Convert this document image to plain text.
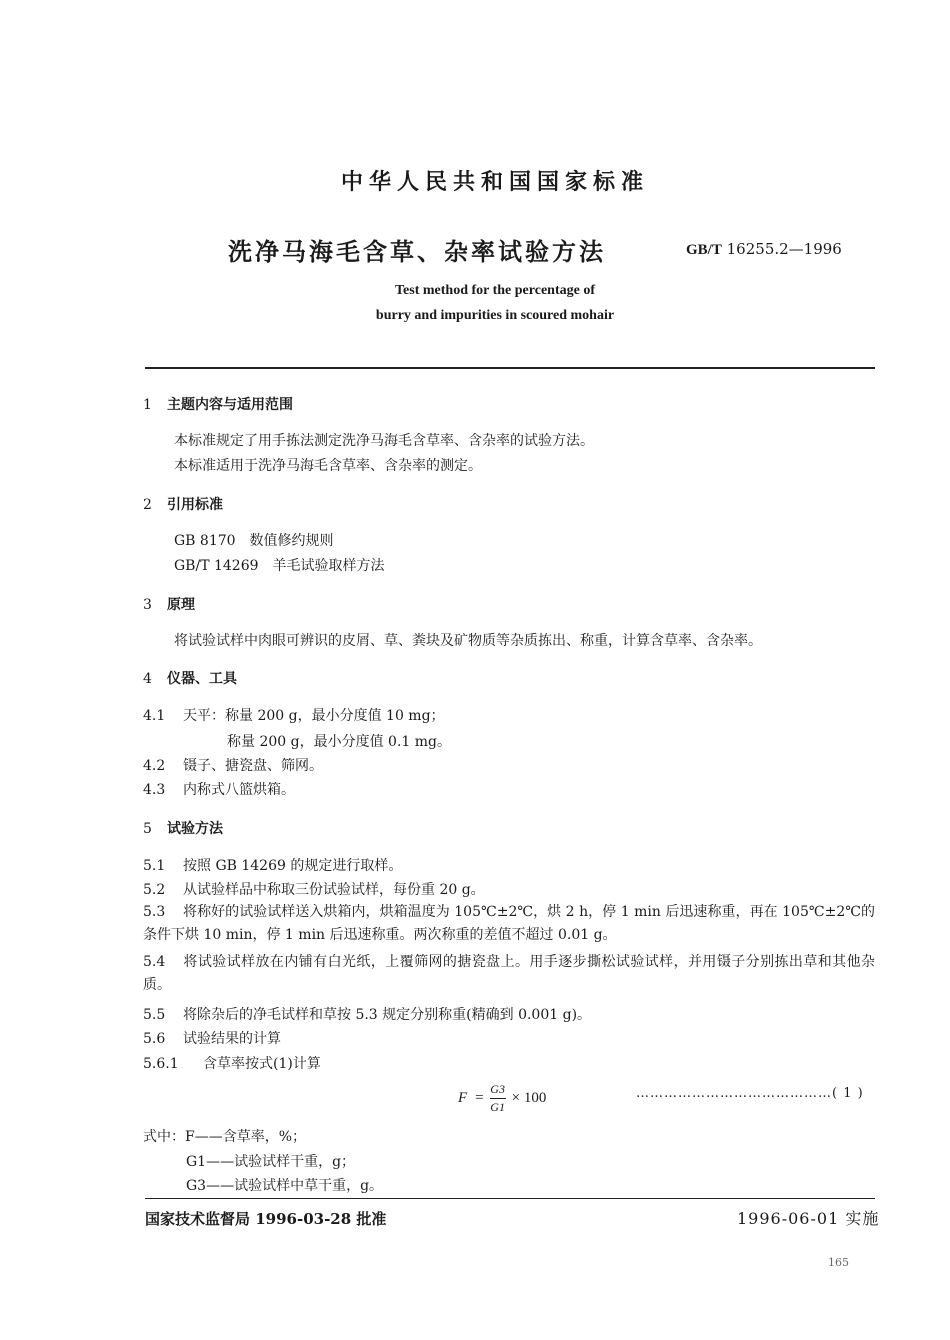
中华人民共和国国家标准
洗净马海毛含草、杂率试验方法	GB/T 16255.2—1996
Test method for the percentage of
burry and impurities in scoured mohair
1 主题内容与适用范围
本标准规定了用手拣法测定洗净马海毛含草率、含杂率的试验方法。
本标准适用于洗净马海毛含草率、含杂率的测定。
2 引用标准
GB 8170　数值修约规则
GB/T 14269　羊毛试验取样方法
3 原理
将试验试样中肉眼可辨识的皮屑、草、粪块及矿物质等杂质拣出、称重，计算含草率、含杂率。
4 仪器、工具
4.1 天平：称量 200 g，最小分度值 10 mg；
称量 200 g，最小分度值 0.1 mg。
4.2 镊子、搪瓷盘、筛网。
4.3 内称式八篮烘箱。
5 试验方法
5.1 按照 GB 14269 的规定进行取样。
5.2 从试验样品中称取三份试验试样，每份重 20 g。
5.3 将称好的试验试样送入烘箱内，烘箱温度为 105℃±2℃，烘 2 h，停 1 min 后迅速称重，再在 105℃±2℃的条件下烘 10 min，停 1 min 后迅速称重。两次称重的差值不超过 0.01 g。
5.4 将试验试样放在内铺有白光纸，上覆筛网的搪瓷盘上。用手逐步撕松试验试样，并用镊子分别拣出草和其他杂质。
5.5 将除杂后的净毛试样和草按 5.3 规定分别称重(精确到 0.001 g)。
5.6 试验结果的计算
5.6.1 含草率按式(1)计算
$F = \frac{G3}{G1} \times 100$	……………………………………( 1 )
式中：F——含草率，%；
G1——试验试样干重，g；
G3——试验试样中草干重，g。
国家技术监督局 1996-03-28 批准	1996-06-01 实施
165
